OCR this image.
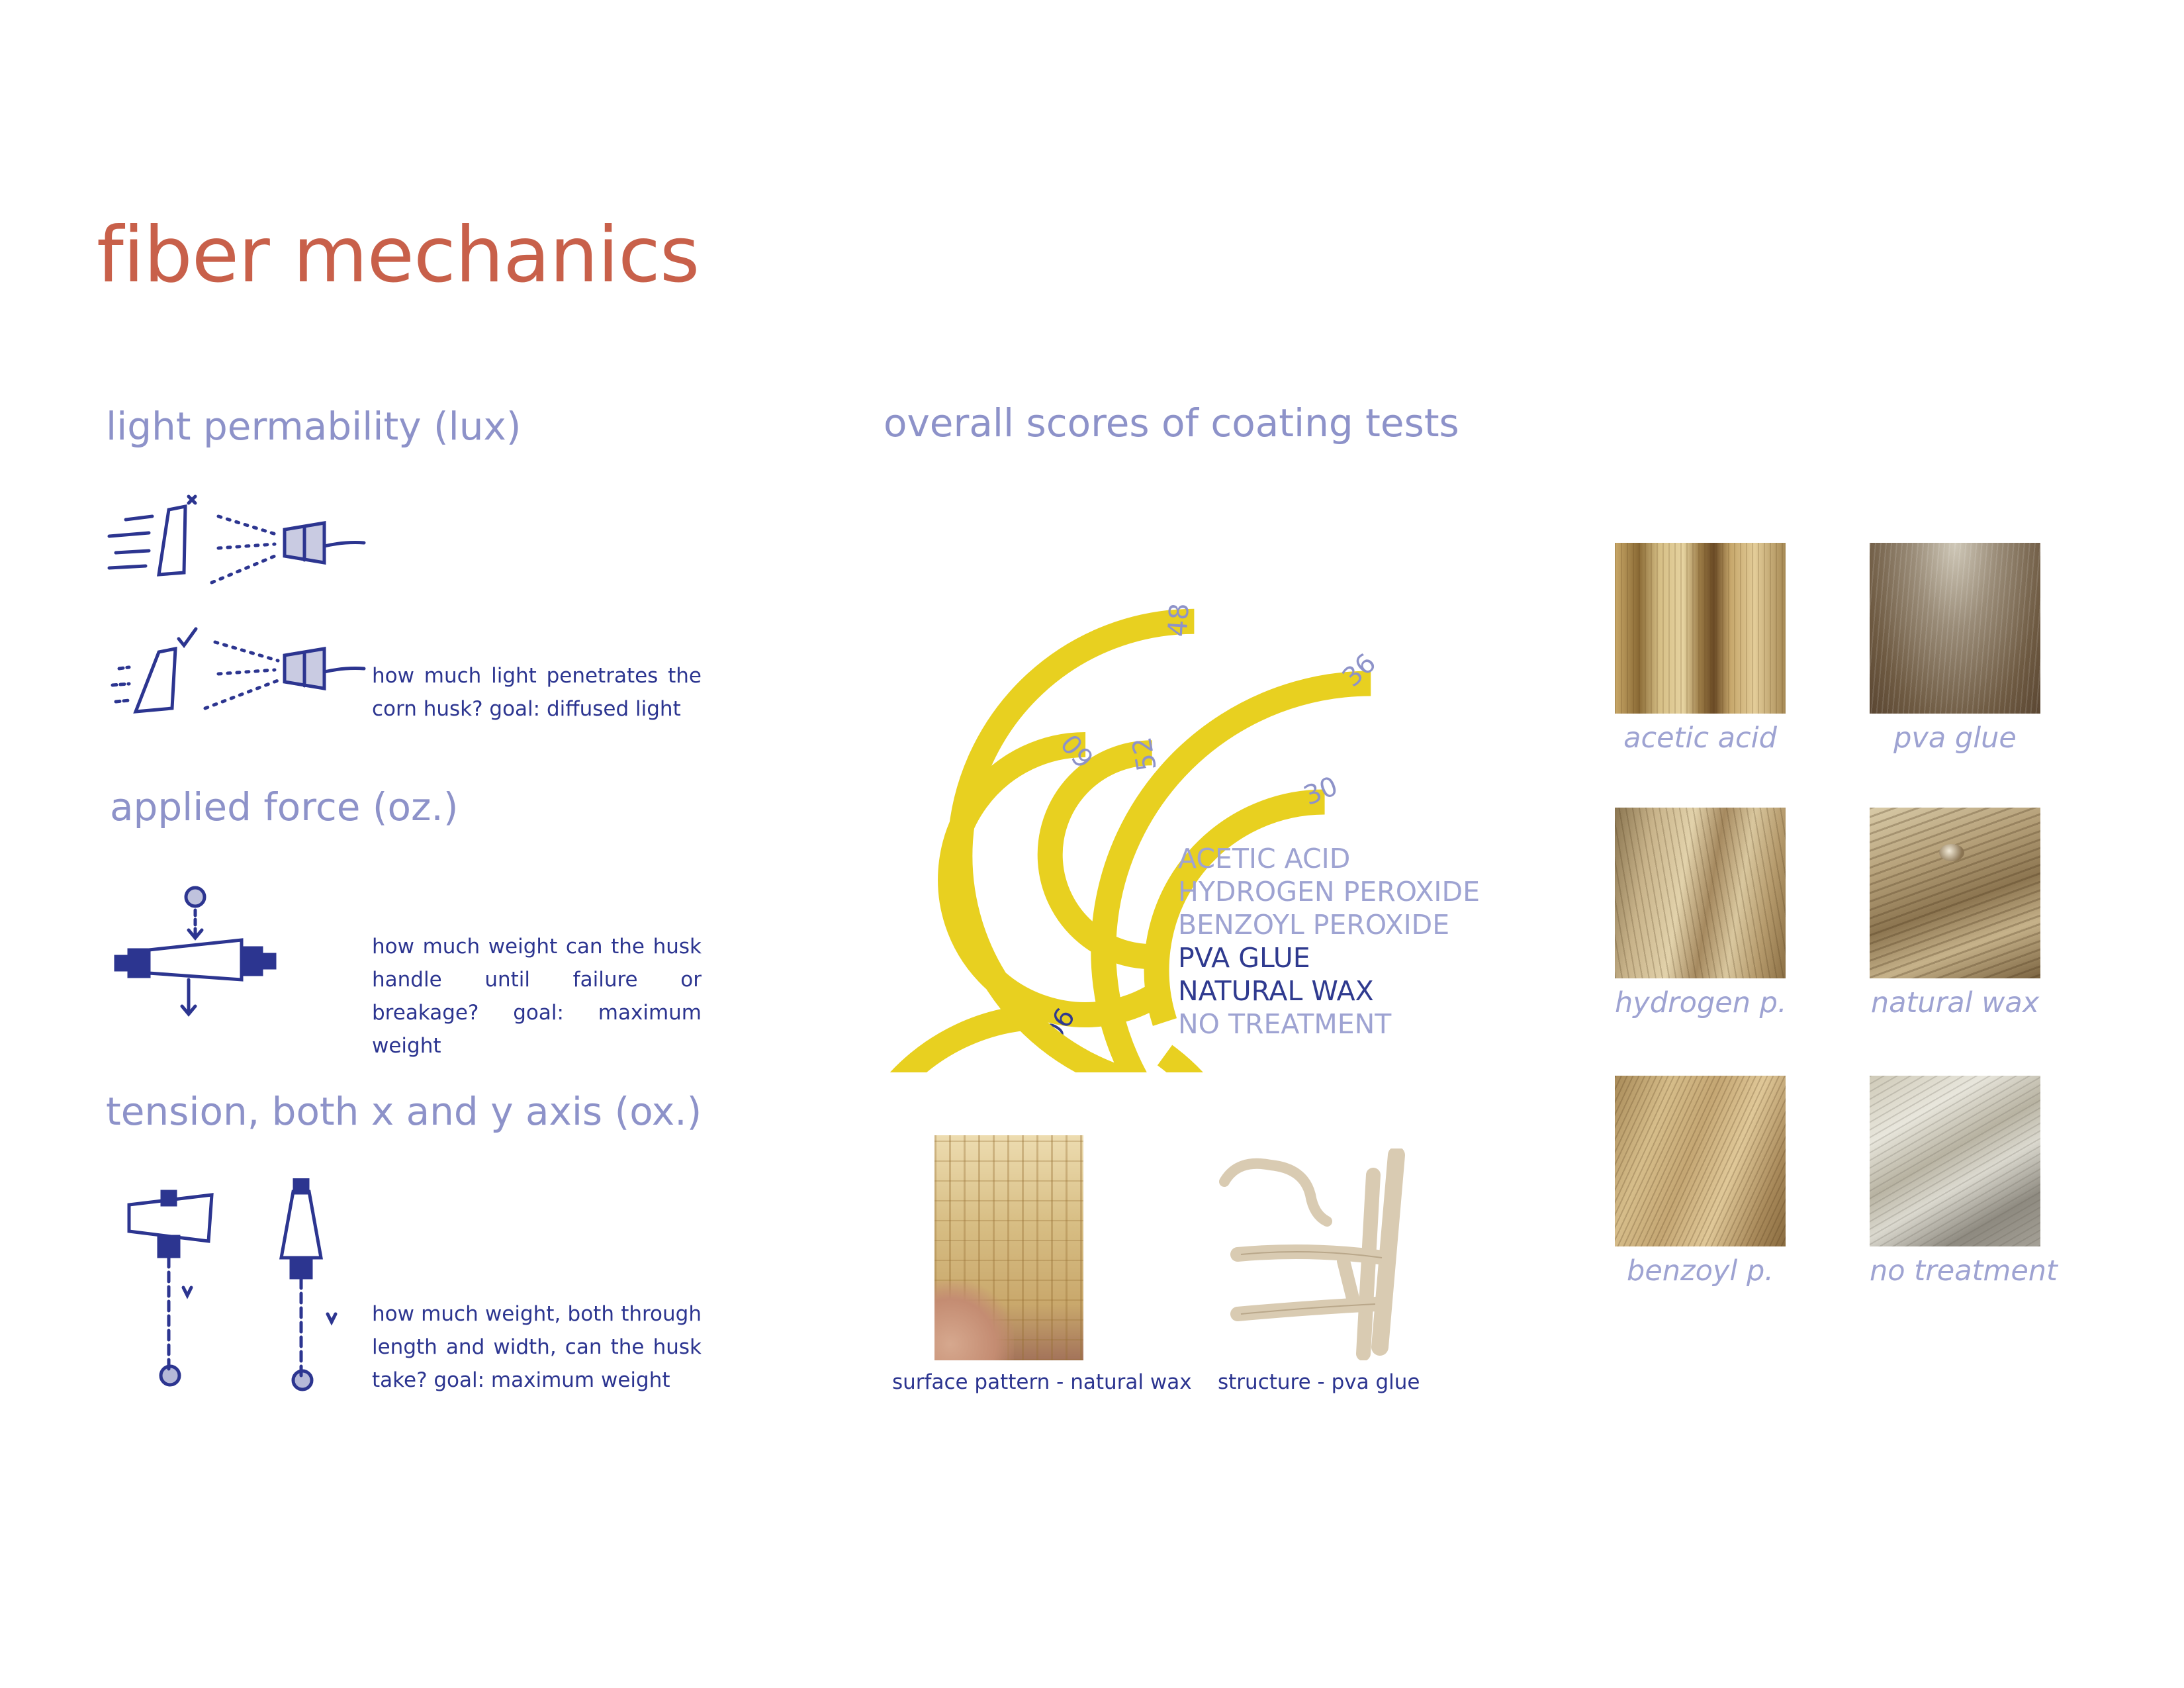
fiber mechanics
light permability (lux)
how much light penetrates the corn husk? goal: diffused light
applied force (oz.)
how much weight can the husk handle until failure or breakage? goal: maximum weight
tension, both x and y axis (ox.)
how much weight, both through length and width, can the husk take? goal: maximum weight
overall scores of coating tests
52
60
30
90
48
36
ACETIC ACID
HYDROGEN PEROXIDE
BENZOYL PEROXIDE
PVA GLUE
NATURAL WAX
NO TREATMENT
surface pattern - natural wax structure - pva glue
acetic acid	pva glue
hydrogen p.	natural wax
benzoyl p.	no treatment
